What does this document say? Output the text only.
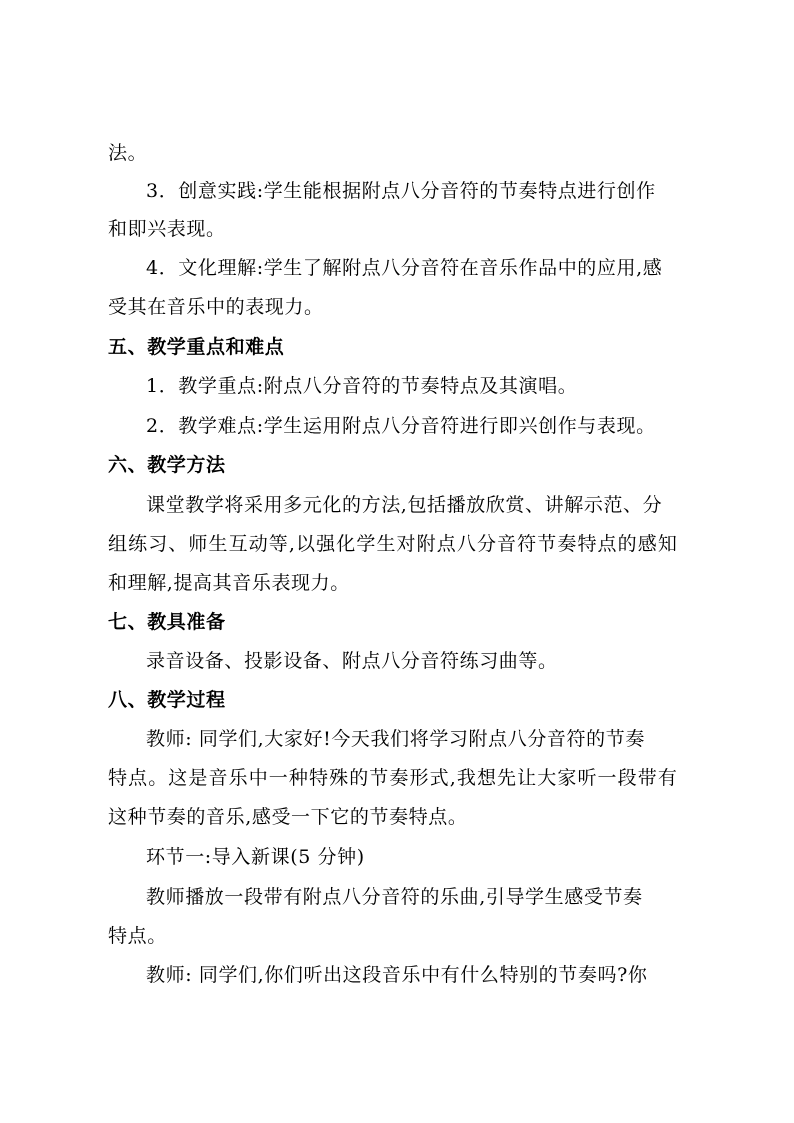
法。
3．创意实践:学生能根据附点八分音符的节奏特点进行创作
和即兴表现。
4．文化理解:学生了解附点八分音符在音乐作品中的应用,感
受其在音乐中的表现力。
五、教学重点和难点
1．教学重点:附点八分音符的节奏特点及其演唱。
2．教学难点:学生运用附点八分音符进行即兴创作与表现。
六、教学方法
课堂教学将采用多元化的方法,包括播放欣赏、讲解示范、分
组练习、师生互动等,以强化学生对附点八分音符节奏特点的感知
和理解,提高其音乐表现力。
七、教具准备
录音设备、投影设备、附点八分音符练习曲等。
八、教学过程
教师: 同学们,大家好!今天我们将学习附点八分音符的节奏
特点。这是音乐中一种特殊的节奏形式,我想先让大家听一段带有
这种节奏的音乐,感受一下它的节奏特点。
环节一:导入新课(5 分钟)
教师播放一段带有附点八分音符的乐曲,引导学生感受节奏
特点。
教师: 同学们,你们听出这段音乐中有什么特别的节奏吗?你
